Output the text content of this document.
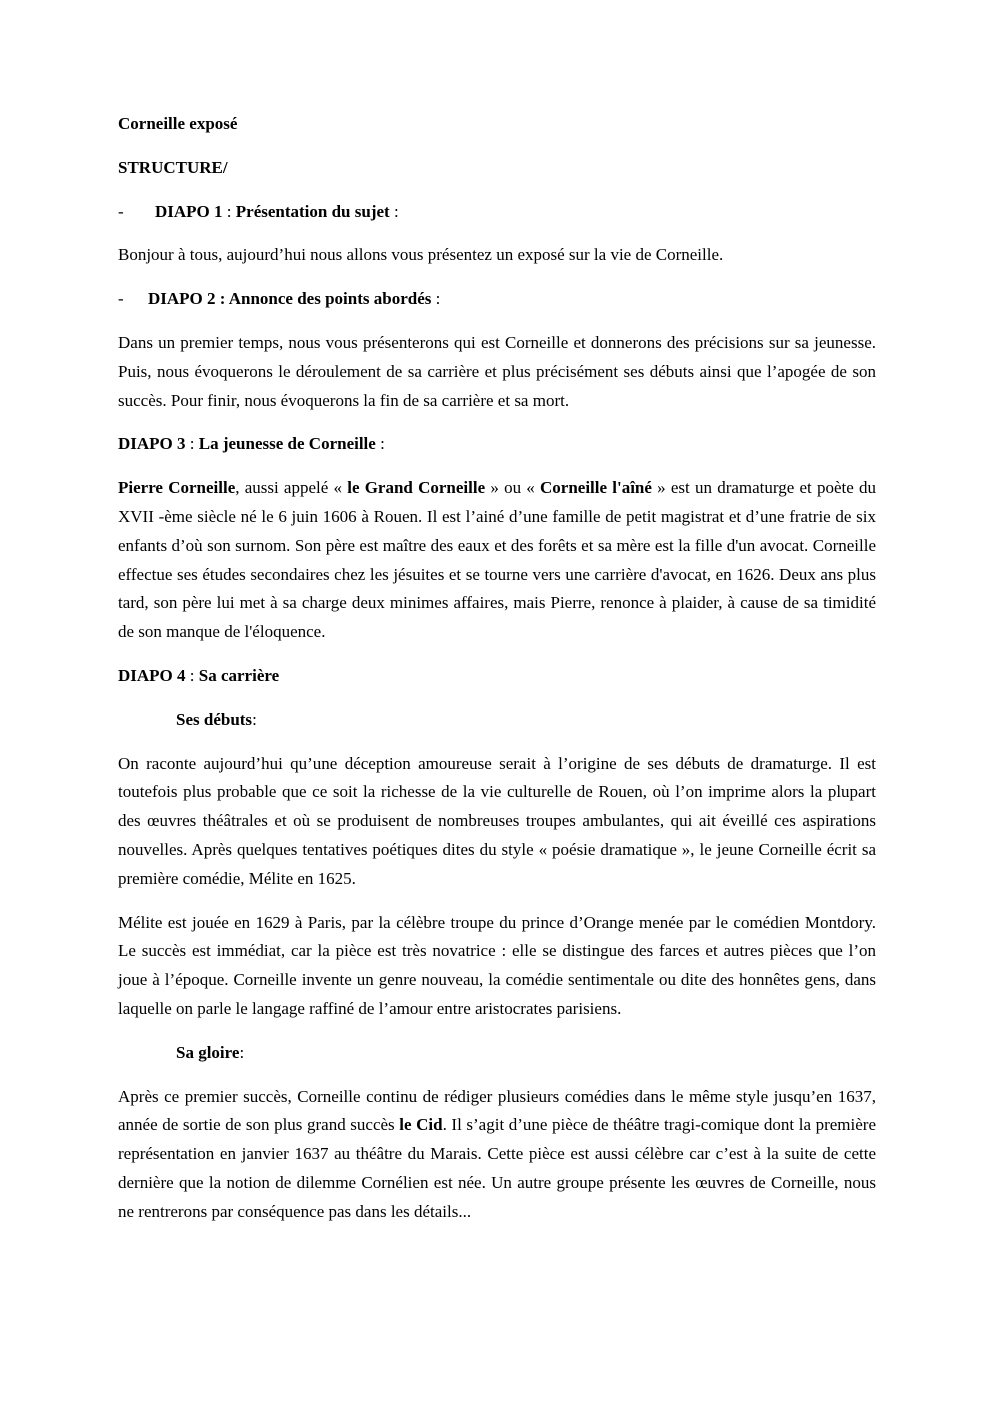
Corneille exposé

STRUCTURE/

- DIAPO 1 : Présentation du sujet :

Bonjour à tous, aujourd’hui nous allons vous présentez un exposé sur la vie de Corneille.

- DIAPO 2 : Annonce des points abordés :

Dans un premier temps, nous vous présenterons qui est Corneille et donnerons des précisions sur sa jeunesse. Puis, nous évoquerons le déroulement de sa carrière et plus précisément ses débuts ainsi que l’apogée de son succès. Pour finir, nous évoquerons la fin de sa carrière et sa mort.

DIAPO 3 : La jeunesse de Corneille :

Pierre Corneille, aussi appelé « le Grand Corneille » ou « Corneille l'aîné » est un dramaturge et poète du XVII -ème siècle né le 6 juin 1606 à Rouen. Il est l’ainé d’une famille de petit magistrat et d’une fratrie de six enfants d’où son surnom. Son père est maître des eaux et des forêts et sa mère est la fille d'un avocat. Corneille effectue ses études secondaires chez les jésuites et se tourne vers une carrière d'avocat, en 1626. Deux ans plus tard, son père lui met à sa charge deux minimes affaires, mais Pierre, renonce à plaider, à cause de sa timidité de son manque de l'éloquence.

DIAPO 4 : Sa carrière

Ses débuts:

On raconte aujourd’hui qu’une déception amoureuse serait à l’origine de ses débuts de dramaturge. Il est toutefois plus probable que ce soit la richesse de la vie culturelle de Rouen, où l’on imprime alors la plupart des œuvres théâtrales et où se produisent de nombreuses troupes ambulantes, qui ait éveillé ces aspirations nouvelles. Après quelques tentatives poétiques dites du style « poésie dramatique », le jeune Corneille écrit sa première comédie, Mélite en 1625.

Mélite est jouée en 1629 à Paris, par la célèbre troupe du prince d’Orange menée par le comédien Montdory. Le succès est immédiat, car la pièce est très novatrice : elle se distingue des farces et autres pièces que l’on joue à l’époque. Corneille invente un genre nouveau, la comédie sentimentale ou dite des honnêtes gens, dans laquelle on parle le langage raffiné de l’amour entre aristocrates parisiens.

Sa gloire:

Après ce premier succès, Corneille continu de rédiger plusieurs comédies dans le même style jusqu’en 1637, année de sortie de son plus grand succès le Cid. Il s’agit d’une pièce de théâtre tragi-comique dont la première représentation en janvier 1637 au théâtre du Marais. Cette pièce est aussi célèbre car c’est à la suite de cette dernière que la notion de dilemme Cornélien est née. Un autre groupe présente les œuvres de Corneille, nous ne rentrerons par conséquence pas dans les détails...
